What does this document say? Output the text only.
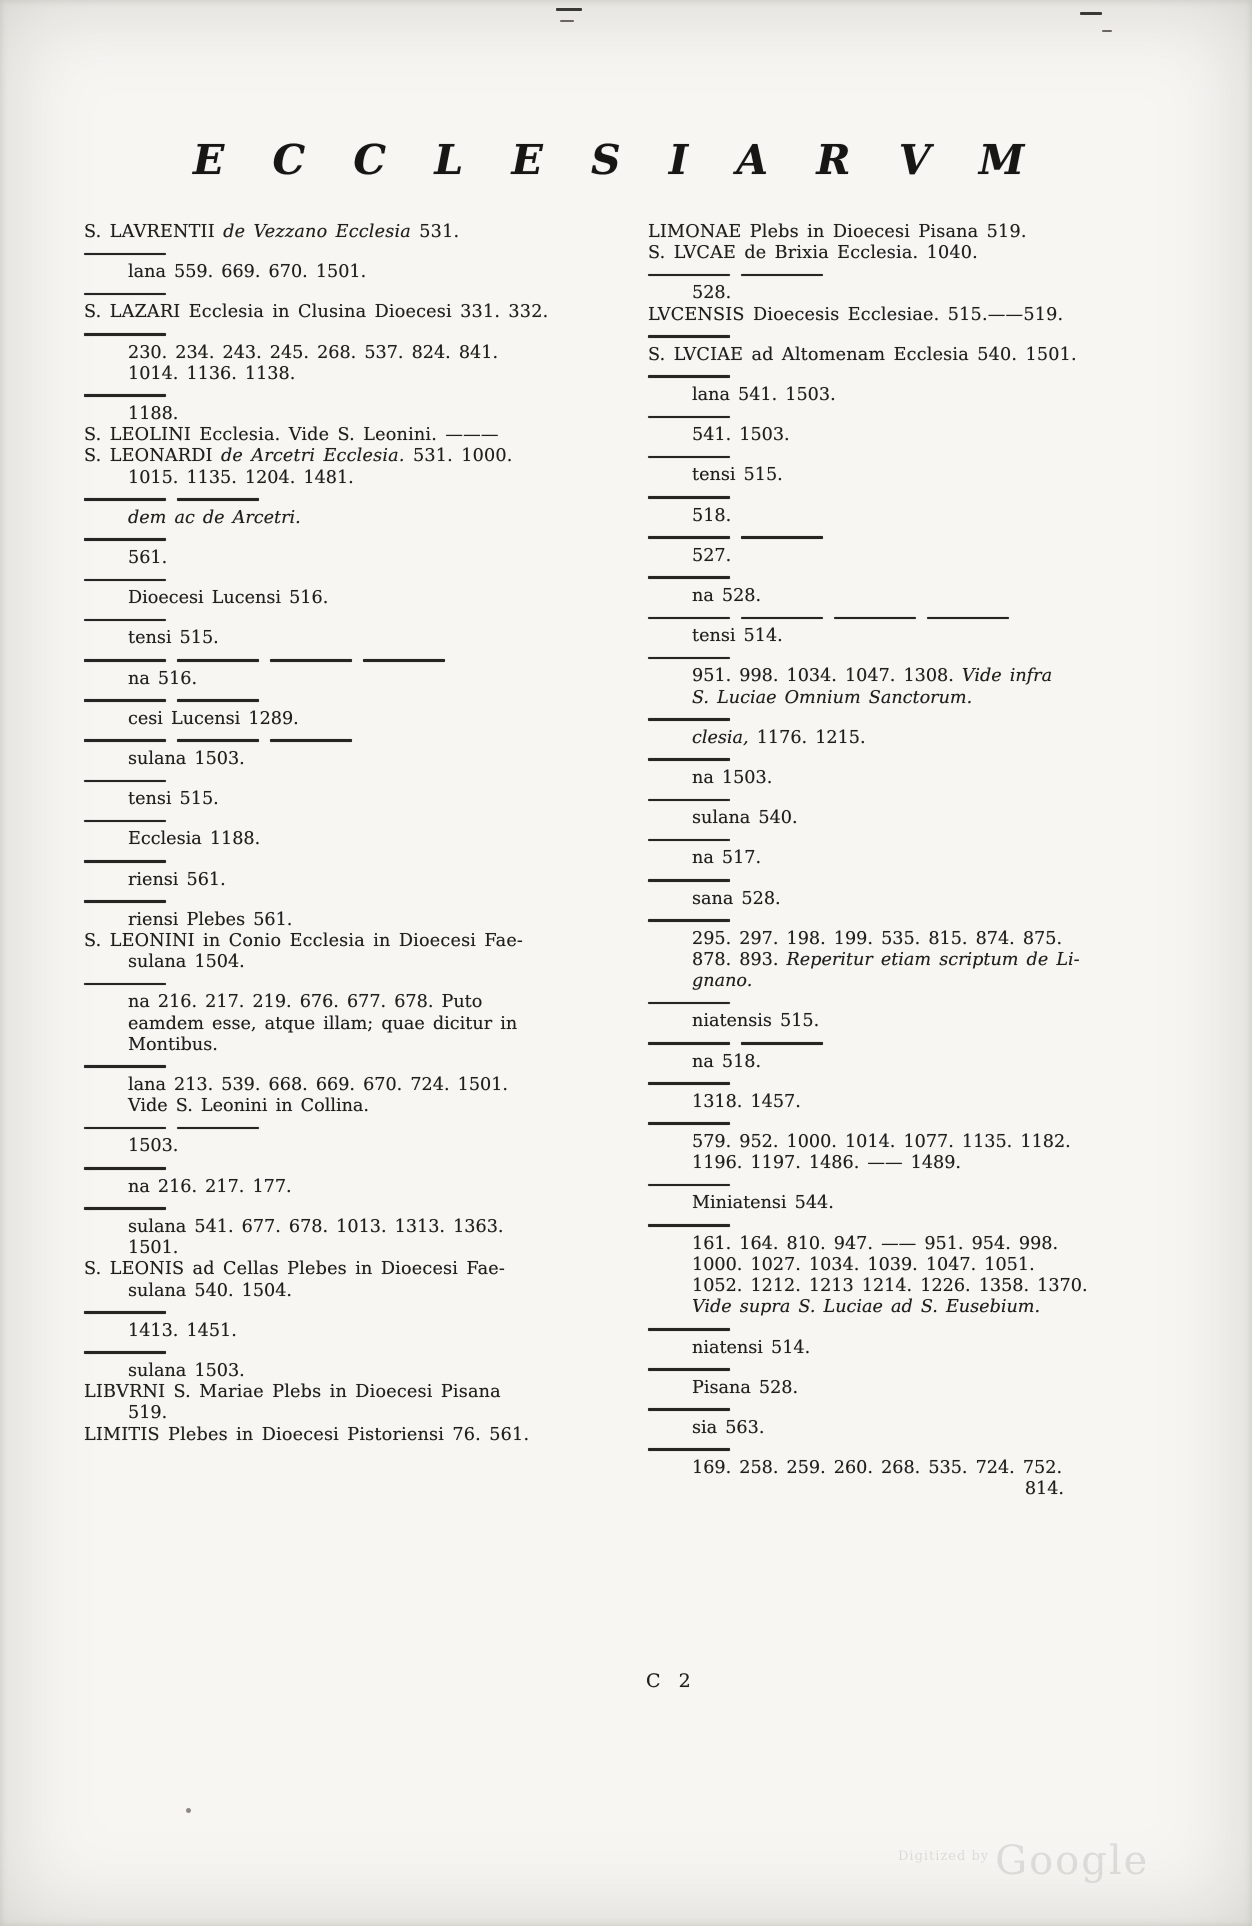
E C C L E S I A R V M
S. LAVRENTII de Vezzano Ecclesia 531.
lana 559. 669. 670. 1501.
S. LAZARI Ecclesia in Clusina Dioecesi 331. 332.
230. 234. 243. 245. 268. 537. 824. 841.
1014. 1136. 1138.
1188.
S. LEOLINI Ecclesia. Vide S. Leonini. ———
S. LEONARDI de Arcetri Ecclesia. 531. 1000.
1015. 1135. 1204. 1481.
dem ac de Arcetri.
561.
Dioecesi Lucensi 516.
tensi 515.
na 516.
cesi Lucensi 1289.
sulana 1503.
tensi 515.
Ecclesia 1188.
riensi 561.
riensi Plebes 561.
S. LEONINI in Conio Ecclesia in Dioecesi Fae-
sulana 1504.
na 216. 217. 219. 676. 677. 678. Puto
eamdem esse, atque illam; quae dicitur in
Montibus.
lana 213. 539. 668. 669. 670. 724. 1501.
Vide S. Leonini in Collina.
1503.
na 216. 217. 177.
sulana 541. 677. 678. 1013. 1313. 1363.
1501.
S. LEONIS ad Cellas Plebes in Dioecesi Fae-
sulana 540. 1504.
1413. 1451.
sulana 1503.
LIBVRNI S. Mariae Plebs in Dioecesi Pisana
519.
LIMITIS Plebes in Dioecesi Pistoriensi 76. 561.
LIMONAE Plebs in Dioecesi Pisana 519.
S. LVCAE de Brixia Ecclesia. 1040.
528.
LVCENSIS Dioecesis Ecclesiae. 515.——519.
S. LVCIAE ad Altomenam Ecclesia 540. 1501.
lana 541. 1503.
541. 1503.
tensi 515.
518.
527.
na 528.
tensi 514.
951. 998. 1034. 1047. 1308. Vide infra
S. Luciae Omnium Sanctorum.
clesia, 1176. 1215.
na 1503.
sulana 540.
na 517.
sana 528.
295. 297. 198. 199. 535. 815. 874. 875.
878. 893. Reperitur etiam scriptum de Li-
gnano.
niatensis 515.
na 518.
1318. 1457.
579. 952. 1000. 1014. 1077. 1135. 1182.
1196. 1197. 1486. —— 1489.
Miniatensi 544.
161. 164. 810. 947. —— 951. 954. 998.
1000. 1027. 1034. 1039. 1047. 1051.
1052. 1212. 1213 1214. 1226. 1358. 1370.
Vide supra S. Luciae ad S. Eusebium.
niatensi 514.
Pisana 528.
sia 563.
169. 258. 259. 260. 268. 535. 724. 752.
814.
C 2
$^{Digitized by}$ Google
